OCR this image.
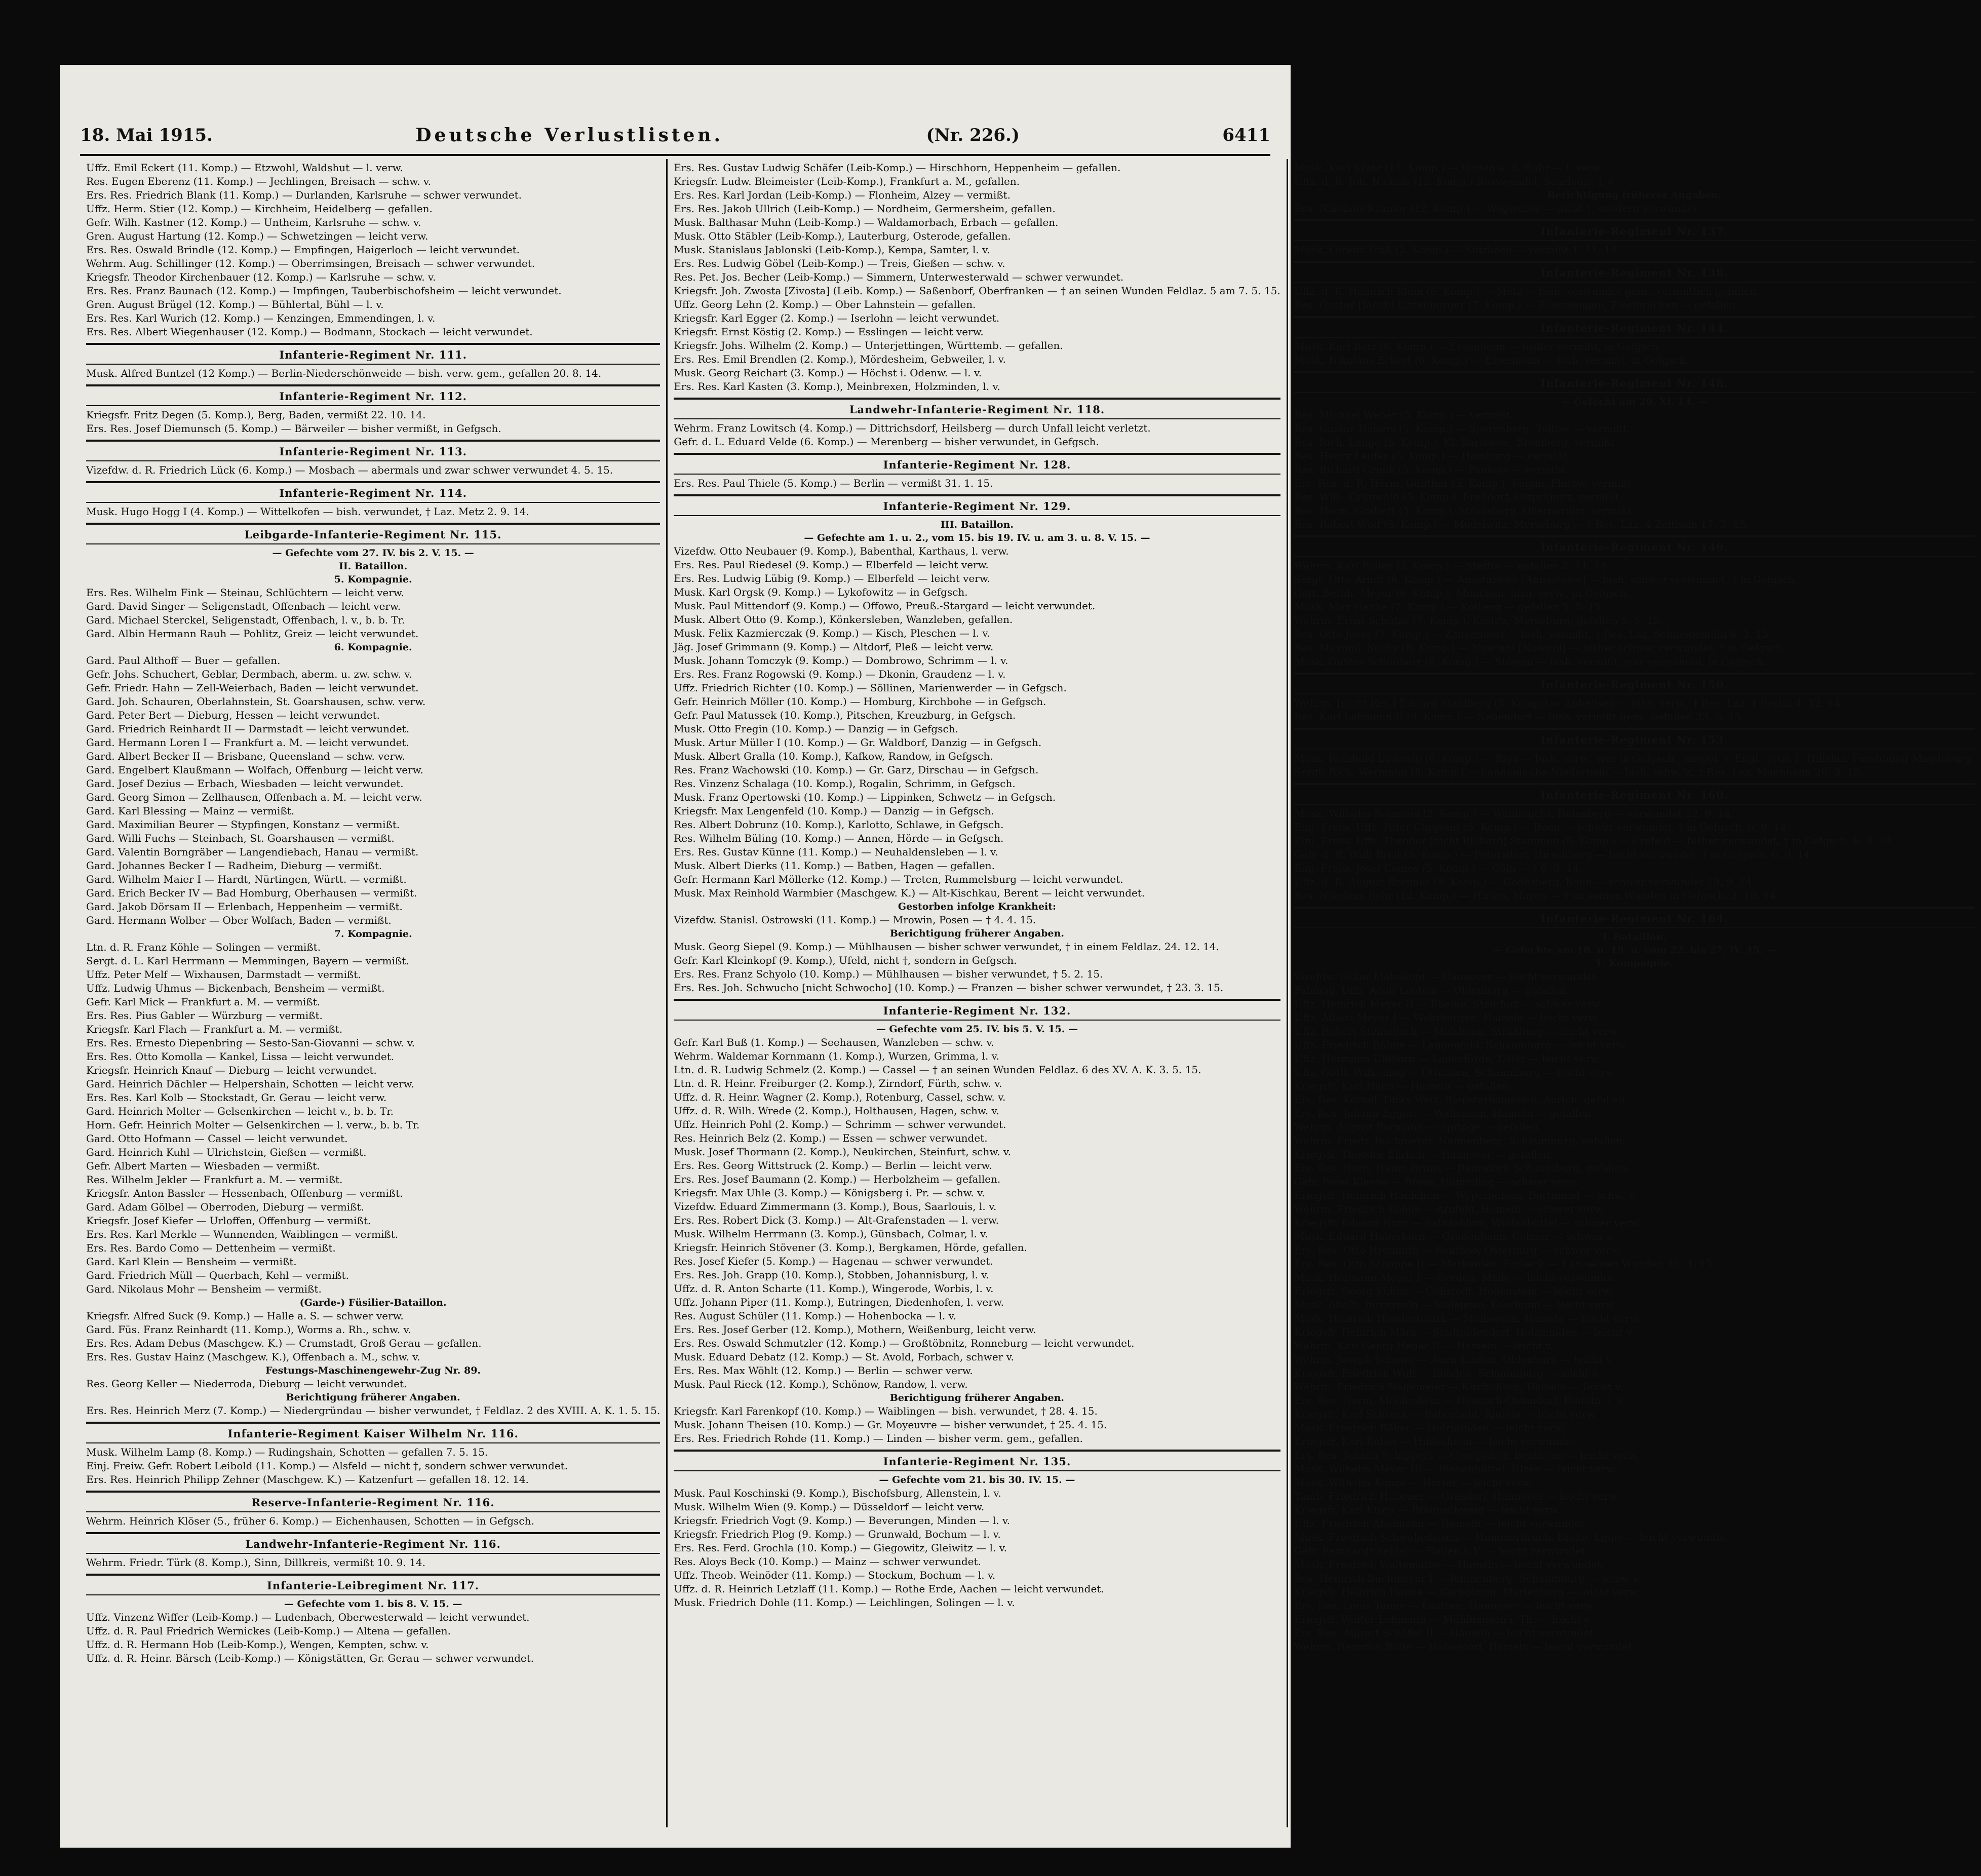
18. Mai 1915.	Deutsche Verlustlisten.	(Nr. 226.)	6411
Uffz. Emil Eckert (11. Komp.) — Etzwohl, Waldshut — l. verw.
Res. Eugen Eberenz (11. Komp.) — Jechlingen, Breisach — schw. v.
Ers. Res. Friedrich Blank (11. Komp.) — Durlanden, Karlsruhe — schwer verwundet.
Uffz. Herm. Stier (12. Komp.) — Kirchheim, Heidelberg — gefallen.
Gefr. Wilh. Kastner (12. Komp.) — Untheim, Karlsruhe — schw. v.
Gren. August Hartung (12. Komp.) — Schwetzingen — leicht verw.
Ers. Res. Oswald Brindle (12. Komp.) — Empfingen, Haigerloch — leicht verwundet.
Wehrm. Aug. Schillinger (12. Komp.) — Oberrimsingen, Breisach — schwer verwundet.
Kriegsfr. Theodor Kirchenbauer (12. Komp.) — Karlsruhe — schw. v.
Ers. Res. Franz Baunach (12. Komp.) — Impfingen, Tauberbischofsheim — leicht verwundet.
Gren. August Brügel (12. Komp.) — Bühlertal, Bühl — l. v.
Ers. Res. Karl Wurich (12. Komp.) — Kenzingen, Emmendingen, l. v.
Ers. Res. Albert Wiegenhauser (12. Komp.) — Bodmann, Stockach — leicht verwundet.
Infanterie-Regiment Nr. 111.
Musk. Alfred Buntzel (12 Komp.) — Berlin-Niederschönweide — bish. verw. gem., gefallen 20. 8. 14.
Infanterie-Regiment Nr. 112.
Kriegsfr. Fritz Degen (5. Komp.), Berg, Baden, vermißt 22. 10. 14.
Ers. Res. Josef Diemunsch (5. Komp.) — Bärweiler — bisher vermißt, in Gefgsch.
Infanterie-Regiment Nr. 113.
Vizefdw. d. R. Friedrich Lück (6. Komp.) — Mosbach — abermals und zwar schwer verwundet 4. 5. 15.
Infanterie-Regiment Nr. 114.
Musk. Hugo Hogg I (4. Komp.) — Wittelkofen — bish. verwundet, † Laz. Metz 2. 9. 14.
Leibgarde-Infanterie-Regiment Nr. 115.
— Gefechte vom 27. IV. bis 2. V. 15. —
II. Bataillon.
5. Kompagnie.
Ers. Res. Wilhelm Fink — Steinau, Schlüchtern — leicht verw.
Gard. David Singer — Seligenstadt, Offenbach — leicht verw.
Gard. Michael Sterckel, Seligenstadt, Offenbach, l. v., b. b. Tr.
Gard. Albin Hermann Rauh — Pohlitz, Greiz — leicht verwundet.
6. Kompagnie.
Gard. Paul Althoff — Buer — gefallen.
Gefr. Johs. Schuchert, Geblar, Dermbach, aberm. u. zw. schw. v.
Gefr. Friedr. Hahn — Zell-Weierbach, Baden — leicht verwundet.
Gard. Joh. Schauren, Oberlahnstein, St. Goarshausen, schw. verw.
Gard. Peter Bert — Dieburg, Hessen — leicht verwundet.
Gard. Friedrich Reinhardt II — Darmstadt — leicht verwundet.
Gard. Hermann Loren I — Frankfurt a. M. — leicht verwundet.
Gard. Albert Becker II — Brisbane, Queensland — schw. verw.
Gard. Engelbert Klaußmann — Wolfach, Offenburg — leicht verw.
Gard. Josef Dezius — Erbach, Wiesbaden — leicht verwundet.
Gard. Georg Simon — Zellhausen, Offenbach a. M. — leicht verw.
Gard. Karl Blessing — Mainz — vermißt.
Gard. Maximilian Beurer — Stypfingen, Konstanz — vermißt.
Gard. Willi Fuchs — Steinbach, St. Goarshausen — vermißt.
Gard. Valentin Borngräber — Langendiebach, Hanau — vermißt.
Gard. Johannes Becker I — Radheim, Dieburg — vermißt.
Gard. Wilhelm Maier I — Hardt, Nürtingen, Württ. — vermißt.
Gard. Erich Becker IV — Bad Homburg, Oberhausen — vermißt.
Gard. Jakob Dörsam II — Erlenbach, Heppenheim — vermißt.
Gard. Hermann Wolber — Ober Wolfach, Baden — vermißt.
7. Kompagnie.
Ltn. d. R. Franz Köhle — Solingen — vermißt.
Sergt. d. L. Karl Herrmann — Memmingen, Bayern — vermißt.
Uffz. Peter Melf — Wixhausen, Darmstadt — vermißt.
Uffz. Ludwig Uhmus — Bickenbach, Bensheim — vermißt.
Gefr. Karl Mick — Frankfurt a. M. — vermißt.
Ers. Res. Pius Gabler — Würzburg — vermißt.
Kriegsfr. Karl Flach — Frankfurt a. M. — vermißt.
Ers. Res. Ernesto Diepenbring — Sesto-San-Giovanni — schw. v.
Ers. Res. Otto Komolla — Kankel, Lissa — leicht verwundet.
Kriegsfr. Heinrich Knauf — Dieburg — leicht verwundet.
Gard. Heinrich Dächler — Helpershain, Schotten — leicht verw.
Ers. Res. Karl Kolb — Stockstadt, Gr. Gerau — leicht verw.
Gard. Heinrich Molter — Gelsenkirchen — leicht v., b. b. Tr.
Horn. Gefr. Heinrich Molter — Gelsenkirchen — l. verw., b. b. Tr.
Gard. Otto Hofmann — Cassel — leicht verwundet.
Gard. Heinrich Kuhl — Ulrichstein, Gießen — vermißt.
Gefr. Albert Marten — Wiesbaden — vermißt.
Res. Wilhelm Jekler — Frankfurt a. M. — vermißt.
Kriegsfr. Anton Bassler — Hessenbach, Offenburg — vermißt.
Gard. Adam Gölbel — Oberroden, Dieburg — vermißt.
Kriegsfr. Josef Kiefer — Urloffen, Offenburg — vermißt.
Ers. Res. Karl Merkle — Wunnenden, Waiblingen — vermißt.
Ers. Res. Bardo Como — Dettenheim — vermißt.
Gard. Karl Klein — Bensheim — vermißt.
Gard. Friedrich Müll — Querbach, Kehl — vermißt.
Gard. Nikolaus Mohr — Bensheim — vermißt.
(Garde-) Füsilier-Bataillon.
Kriegsfr. Alfred Suck (9. Komp.) — Halle a. S. — schwer verw.
Gard. Füs. Franz Reinhardt (11. Komp.), Worms a. Rh., schw. v.
Ers. Res. Adam Debus (Maschgew. K.) — Crumstadt, Groß Gerau — gefallen.
Ers. Res. Gustav Hainz (Maschgew. K.), Offenbach a. M., schw. v.
Festungs-Maschinengewehr-Zug Nr. 89.
Res. Georg Keller — Niederroda, Dieburg — leicht verwundet.
Berichtigung früherer Angaben.
Ers. Res. Heinrich Merz (7. Komp.) — Niedergründau — bisher verwundet, † Feldlaz. 2 des XVIII. A. K. 1. 5. 15.
Infanterie-Regiment Kaiser Wilhelm Nr. 116.
Musk. Wilhelm Lamp (8. Komp.) — Rudingshain, Schotten — gefallen 7. 5. 15.
Einj. Freiw. Gefr. Robert Leibold (11. Komp.) — Alsfeld — nicht †, sondern schwer verwundet.
Ers. Res. Heinrich Philipp Zehner (Maschgew. K.) — Katzenfurt — gefallen 18. 12. 14.
Reserve-Infanterie-Regiment Nr. 116.
Wehrm. Heinrich Klöser (5., früher 6. Komp.) — Eichenhausen, Schotten — in Gefgsch.
Landwehr-Infanterie-Regiment Nr. 116.
Wehrm. Friedr. Türk (8. Komp.), Sinn, Dillkreis, vermißt 10. 9. 14.
Infanterie-Leibregiment Nr. 117.
— Gefechte vom 1. bis 8. V. 15. —
Uffz. Vinzenz Wiffer (Leib-Komp.) — Ludenbach, Oberwesterwald — leicht verwundet.
Uffz. d. R. Paul Friedrich Wernickes (Leib-Komp.) — Altena — gefallen.
Uffz. d. R. Hermann Hob (Leib-Komp.), Wengen, Kempten, schw. v.
Uffz. d. R. Heinr. Bärsch (Leib-Komp.) — Königstätten, Gr. Gerau — schwer verwundet.
Ers. Res. Gustav Ludwig Schäfer (Leib-Komp.) — Hirschhorn, Heppenheim — gefallen.
Kriegsfr. Ludw. Bleimeister (Leib-Komp.), Frankfurt a. M., gefallen.
Ers. Res. Karl Jordan (Leib-Komp.) — Flonheim, Alzey — vermißt.
Ers. Res. Jakob Ullrich (Leib-Komp.) — Nordheim, Germersheim, gefallen.
Musk. Balthasar Muhn (Leib-Komp.) — Waldamorbach, Erbach — gefallen.
Musk. Otto Stäbler (Leib-Komp.), Lauterburg, Osterode, gefallen.
Musk. Stanislaus Jablonski (Leib-Komp.), Kempa, Samter, l. v.
Ers. Res. Ludwig Göbel (Leib-Komp.) — Treis, Gießen — schw. v.
Res. Pet. Jos. Becher (Leib-Komp.) — Simmern, Unterwesterwald — schwer verwundet.
Kriegsfr. Joh. Zwosta [Zivosta] (Leib. Komp.) — Saßenborf, Oberfranken — † an seinen Wunden Feldlaz. 5 am 7. 5. 15.
Uffz. Georg Lehn (2. Komp.) — Ober Lahnstein — gefallen.
Kriegsfr. Karl Egger (2. Komp.) — Iserlohn — leicht verwundet.
Kriegsfr. Ernst Köstig (2. Komp.) — Esslingen — leicht verw.
Kriegsfr. Johs. Wilhelm (2. Komp.) — Unterjettingen, Württemb. — gefallen.
Ers. Res. Emil Brendlen (2. Komp.), Mördesheim, Gebweiler, l. v.
Musk. Georg Reichart (3. Komp.) — Höchst i. Odenw. — l. v.
Ers. Res. Karl Kasten (3. Komp.), Meinbrexen, Holzminden, l. v.
Landwehr-Infanterie-Regiment Nr. 118.
Wehrm. Franz Lowitsch (4. Komp.) — Dittrichsdorf, Heilsberg — durch Unfall leicht verletzt.
Gefr. d. L. Eduard Velde (6. Komp.) — Merenberg — bisher verwundet, in Gefgsch.
Infanterie-Regiment Nr. 128.
Ers. Res. Paul Thiele (5. Komp.) — Berlin — vermißt 31. 1. 15.
Infanterie-Regiment Nr. 129.
III. Bataillon.
— Gefechte am 1. u. 2., vom 15. bis 19. IV. u. am 3. u. 8. V. 15. —
Vizefdw. Otto Neubauer (9. Komp.), Babenthal, Karthaus, l. verw.
Ers. Res. Paul Riedesel (9. Komp.) — Elberfeld — leicht verw.
Ers. Res. Ludwig Lübig (9. Komp.) — Elberfeld — leicht verw.
Musk. Karl Orgsk (9. Komp.) — Lykofowitz — in Gefgsch.
Musk. Paul Mittendorf (9. Komp.) — Offowo, Preuß.-Stargard — leicht verwundet.
Musk. Albert Otto (9. Komp.), Könkersleben, Wanzleben, gefallen.
Musk. Felix Kazmierczak (9. Komp.) — Kisch, Pleschen — l. v.
Jäg. Josef Grimmann (9. Komp.) — Altdorf, Pleß — leicht verw.
Musk. Johann Tomczyk (9. Komp.) — Dombrowo, Schrimm — l. v.
Ers. Res. Franz Rogowski (9. Komp.) — Dkonin, Graudenz — l. v.
Uffz. Friedrich Richter (10. Komp.) — Söllinen, Marienwerder — in Gefgsch.
Gefr. Heinrich Möller (10. Komp.) — Homburg, Kirchbohe — in Gefgsch.
Gefr. Paul Matussek (10. Komp.), Pitschen, Kreuzburg, in Gefgsch.
Musk. Otto Fregin (10. Komp.) — Danzig — in Gefgsch.
Musk. Artur Müller I (10. Komp.) — Gr. Waldborf, Danzig — in Gefgsch.
Musk. Albert Gralla (10. Komp.), Kafkow, Randow, in Gefgsch.
Res. Franz Wachowski (10. Komp.) — Gr. Garz, Dirschau — in Gefgsch.
Res. Vinzenz Schalaga (10. Komp.), Rogalin, Schrimm, in Gefgsch.
Musk. Franz Opertowski (10. Komp.) — Lippinken, Schwetz — in Gefgsch.
Kriegsfr. Max Lengenfeld (10. Komp.) — Danzig — in Gefgsch.
Res. Albert Dobrunz (10. Komp.), Karlotto, Schlawe, in Gefgsch.
Res. Wilhelm Büling (10. Komp.) — Annen, Hörde — in Gefgsch.
Ers. Res. Gustav Künne (11. Komp.) — Neuhaldensleben — l. v.
Musk. Albert Dierks (11. Komp.) — Batben, Hagen — gefallen.
Gefr. Hermann Karl Möllerke (12. Komp.) — Treten, Rummelsburg — leicht verwundet.
Musk. Max Reinhold Warmbier (Maschgew. K.) — Alt-Kischkau, Berent — leicht verwundet.
Gestorben infolge Krankheit:
Vizefdw. Stanisl. Ostrowski (11. Komp.) — Mrowin, Posen — † 4. 4. 15.
Berichtigung früherer Angaben.
Musk. Georg Siepel (9. Komp.) — Mühlhausen — bisher schwer verwundet, † in einem Feldlaz. 24. 12. 14.
Gefr. Karl Kleinkopf (9. Komp.), Ufeld, nicht †, sondern in Gefgsch.
Ers. Res. Franz Schyolo (10. Komp.) — Mühlhausen — bisher verwundet, † 5. 2. 15.
Ers. Res. Joh. Schwucho [nicht Schwocho] (10. Komp.) — Franzen — bisher schwer verwundet, † 23. 3. 15.
Infanterie-Regiment Nr. 132.
— Gefechte vom 25. IV. bis 5. V. 15. —
Gefr. Karl Buß (1. Komp.) — Seehausen, Wanzleben — schw. v.
Wehrm. Waldemar Kornmann (1. Komp.), Wurzen, Grimma, l. v.
Ltn. d. R. Ludwig Schmelz (2. Komp.) — Cassel — † an seinen Wunden Feldlaz. 6 des XV. A. K. 3. 5. 15.
Ltn. d. R. Heinr. Freiburger (2. Komp.), Zirndorf, Fürth, schw. v.
Uffz. d. R. Heinr. Wagner (2. Komp.), Rotenburg, Cassel, schw. v.
Uffz. d. R. Wilh. Wrede (2. Komp.), Holthausen, Hagen, schw. v.
Uffz. Heinrich Pohl (2. Komp.) — Schrimm — schwer verwundet.
Res. Heinrich Belz (2. Komp.) — Essen — schwer verwundet.
Musk. Josef Thormann (2. Komp.), Neukirchen, Steinfurt, schw. v.
Ers. Res. Georg Wittstruck (2. Komp.) — Berlin — leicht verw.
Ers. Res. Josef Baumann (2. Komp.) — Herbolzheim — gefallen.
Kriegsfr. Max Uhle (3. Komp.) — Königsberg i. Pr. — schw. v.
Vizefdw. Eduard Zimmermann (3. Komp.), Bous, Saarlouis, l. v.
Ers. Res. Robert Dick (3. Komp.) — Alt-Grafenstaden — l. verw.
Musk. Wilhelm Herrmann (3. Komp.), Günsbach, Colmar, l. v.
Kriegsfr. Heinrich Stövener (3. Komp.), Bergkamen, Hörde, gefallen.
Res. Josef Kiefer (5. Komp.) — Hagenau — schwer verwundet.
Ers. Res. Joh. Grapp (10. Komp.), Stobben, Johannisburg, l. v.
Uffz. d. R. Anton Scharte (11. Komp.), Wingerode, Worbis, l. v.
Uffz. Johann Piper (11. Komp.), Eutringen, Diedenhofen, l. verw.
Res. August Schüler (11. Komp.) — Hohenbocka — l. v.
Ers. Res. Josef Gerber (12. Komp.), Mothern, Weißenburg, leicht verw.
Ers. Res. Oswald Schmutzler (12. Komp.) — Großtöbnitz, Ronneburg — leicht verwundet.
Musk. Eduard Debatz (12. Komp.) — St. Avold, Forbach, schwer v.
Ers. Res. Max Wöhlt (12. Komp.) — Berlin — schwer verw.
Musk. Paul Rieck (12. Komp.), Schönow, Randow, l. verw.
Berichtigung früherer Angaben.
Kriegsfr. Karl Farenkopf (10. Komp.) — Waiblingen — bish. verwundet, † 28. 4. 15.
Musk. Johann Theisen (10. Komp.) — Gr. Moyeuvre — bisher verwundet, † 25. 4. 15.
Ers. Res. Friedrich Rohde (11. Komp.) — Linden — bisher verm. gem., gefallen.
Infanterie-Regiment Nr. 135.
— Gefechte vom 21. bis 30. IV. 15. —
Musk. Paul Koschinski (9. Komp.), Bischofsburg, Allenstein, l. v.
Musk. Wilhelm Wien (9. Komp.) — Düsseldorf — leicht verw.
Kriegsfr. Friedrich Vogt (9. Komp.) — Beverungen, Minden — l. v.
Kriegsfr. Friedrich Plog (9. Komp.) — Grunwald, Bochum — l. v.
Ers. Res. Ferd. Grochla (10. Komp.) — Giegowitz, Gleiwitz — l. v.
Res. Aloys Beck (10. Komp.) — Mainz — schwer verwundet.
Uffz. Theob. Weinöder (11. Komp.) — Stockum, Bochum — l. v.
Uffz. d. R. Heinrich Letzlaff (11. Komp.) — Rothe Erde, Aachen — leicht verwundet.
Musk. Friedrich Dohle (11. Komp.) — Leichlingen, Solingen — l. v.
Musk. Karl Kratz (11. Komp.) — Witten a. d. Ruhr — l. verw.
Uffz. d. R. Joh. Nickels (12. Komp.) Rosswendel, Saarlouis, l. v.
Berichtigung früherer Angaben.
Res. Nikolaus Krämer (12. Komp.) — Wagweiler — nicht †, sondern verwundet.
Infanterie-Regiment Nr. 137.
Musk. Lorenz Tröß (2. Komp.) — Sulzbach — vermißt 1. 11. 14.
Infanterie-Regiment Nr. 138.
Uffz. d. R. Heinrich Klein (6. Komp.) — Metz — bish. verwundet gem., vermutlich gefallen.
Res. Gustav [Jacob] Litzenburger (7. Komp.) — Bliesmengen, Zweibrücken — gefallen.
Infanterie-Regiment Nr. 144.
Musk. Karl Betz (6. Komp.) — Essenheim — bisher vermißt, in Gefgsch.
Musk. Nikolaus Eckert (6. Komp.) — Essenheim — bish. vermißt, in Gefgsch.
Infanterie-Regiment Nr. 148.
— Gefecht am 29. XI. 14. —
Res. Michael Weber (5. Komp.) — vermißt.
Res. Gustav Höners (5. Komp.) — Sperenberg, Teltow — vermißt.
Res. Rich. Lange (5. Komp.), Kl. Bartelsee, Bromberg, vermißt.
Res. Henry Leufer (5. Komp.) — Hamburg — vermißt.
Res. Richard Grunk (5. Komp.) — Pankow — vermißt.
Ers. Res. d. R. Herm. Günther (5. Komp.), Kölpin, Flatow, vermißt.
Res. Wilh. Grünwald (5. Komp.), Freßdorf, Ostprignitz, vermißt.
Res. Herm. Grabert (5. Komp.), Strausberg, Oberbarnim, vermißt.
Res. Robert Wolf (5. Komp.) — Modelwitz, Merseburg — † Res. Laz. 4 Zeithain 17. 3. 15.
Infanterie-Regiment Nr. 149.
Wehrm. Karl Polley (3. Komp.) — Stettin — gefallen 2. 11. 14.
Sergt. Otto Arndt (6. Komp.) — Anastazewo [Annastewo] — bish. schwer verwundet, † in Gefgsch.
Gefr. Bernh. Meyer (6. Komp.), München, bish. verw., in Gefgsch.
Musk. Max Henke (7. Komp.) — Kolberg — gefallen 5. 5. 15.
Wehrm. Ernst Schütze (7. Komp.), Köslitz, Merseburg, gefallen 5. 5. 15.
Res. Otto Jesse (7. Komp.) — Zaukendorf — bish. vermißt, † Res. Laz. Schneidemühl 6. 3. 15.
Res. Maximil. Suchy (8. Komp.) — Nowinni [Nowuni] — bisher schwer verwundet, † in Gefgsch.
Musk. Gustav Schönherr (8. Komp.) — Stöwen — bish. vermißt, war verwundet, in Gefgsch.
Infanterie-Regiment Nr. 150.
Wehrm. [nicht Res.] Eduard Stahlberg (5. Komp.) — Abbelisen — bish. verw., † Res. Laz. 1 Berlin 4. 12. 14.
Res. Karl Lehmann II (9. Komp.) — Neuendorf — bish. vermißt gem., gefallen 23. 3. 15.
Infanterie-Regiment Nr. 153.
Musk. Reinhold Ludewig (6. Komp.) — Riga — bish. verw., war in Gefgsch., ausgel. v. Engl., jetzt 1. Hilfslaz. Fürstenhof Magdeburg.
Sergt. Rich. Wermann (8. Komp.) — Langenlauba-Niederhain — bish. schw. v., † Res. Laz. Mannheim 20. 3. 15.
Infanterie-Regiment Nr. 160.
Musk. Wilhelm Beumers (2. Komp.) — Waldfeucht, Heinsberg — verwundet 22. 9. 14.
Einj. Freiw. Uffz. Peter Chrysant (5. Komp.) — Bonn — schwer verwundet, † in Gefgsch. 6. 9. 14.
Einj. Freiw. Uffz. Theodor [nicht Richard] Stammen (5. Komp.) — Crefeld — bisher verwundet, † in Gefgsch. 6. 9. 14.
Gefr. d. R. Willi Breit (5. Komp.) — Petersdorf, Hirschberg — leicht verwundet, † in Gefgsch. 6. 9. 14.
Einj. Freiw. Josef Comes (5. Komp.) — Cöln — † 6. 9. 14.
Uffz. d. R. August Brenner (8. Komp.) — Godesberg, Bonn — schwer verwundet 19. 9. 14.
Res. Nikolaus Bohr (12. Komp.) — Hirten, Mayen — † an seinen Wunden in Gefgsch. 2. 10. 14.
Infanterie-Regiment Nr. 164.
I. Bataillon.
— Gefechte am 18. u. 19. u. vom 22. bis 27. IV. 15. —
1. Kompagnie.
Vizefdw. Oskar Mahnkopf — Hannover — leicht verwundet.
Fahnenj. Uffz. Adolf Loeben — Oldenburg — gefallen.
Uffz. Heinrich Meyer II — Rheine, Steinfurt — schwer verw.
Uffz. Albert Meyer I — Wehrbergen, Hameln — leicht verw.
Uffz. Robert Steinebach — Molsheim, Straßburg — leicht verw.
Uffz. Friedrich Böhne — Langenfeld, Schaumburg — leicht verw.
Uffz. Hermann Uhlhorn — Lauenförde, Uslar — leicht verw.
Uffz. Gottl. Wilkening — Ottensen, Schaumburg — leicht verw.
Kriegsfr. Karl Hahn — Hameln — gefallen.
Ers. Res. Kornel. Dirks Weiz, Riepsterhamerich, Aurich, gefallen.
Ers. Res. Johann Eggert — Wallensen, Hameln — gefallen.
Wehrm. August Bormann — Springe — gefallen.
Wehrm. Friedr. Buchmeyer, Nannenberg, Schaumburg, gefallen.
Kriegsfr. Theodor Ehrlich — Hannover — gefallen.
Ers. Res. Horn. Heinr. Bruns — Reinsdorf, Schaumburg, gefallen.
Gefr. Peter Kleene — Brees, Hümmling — schwer verw.
Kriegsfr. Heinrich Haulchen — Weperbelsen, Dortmund — schw. v.
Wehrm. Friedrich Kobus — Arnfeld, Hameln — schwer verw.
Kriegsfr. Eduard Horn — Salzdahlum, Wolfenbüttel — schwer verw.
Musk. Eduard Haberkorn — Großenheim, Colmar — schwer v.
Ers. Res. Otto Hreimuth — Reuthoo, Osterburg — schwer verw.
Ers. Res. Otto Schoppe II — Markenien, Einbeck — † an seinen Wunden 26. 4. 15.
Musk. Hermann Meyer I — Gerden, Melle — leicht verwundet.
Kriegsfr. Georg Kühne — Gollstedt, Hohenstein — leicht verw.
Musk. Abalb. Jurczynski — Sielejewo, Koschmin — leicht verw.
Musk. Heinrich Hundertmark — Meiborsen, Hameln — leicht verw.
Kriegsfr. Heinrich März — Stadtoldendorf, Holzminden — leicht v.
Wehrm. Karl Georg Heuer II — Hameln — leicht v.
Wehrm. Joseph Schewe — Auen-Linden, Oldenburg — leicht v.
Kriegsfr. Friedrich Wulf — Rohden, Schaumburg — leicht v.
Wehrm. Friedrich Hagemeier — Kirchohsen, Hameln — leicht v.
Ers. Res. Herm. Möhlenbein — Hessisch-Oldendorf, Rinteln, l. v.
Kriegsfr. Karl Schreck — Baberhold, Rinteln — leicht verw.
Musk. Friedrich Räker — Holzminden — leicht verw.
Kriegsfr. Karl Röber — Hildesheim — leicht verwundet.
Ers. Res. Johann Schippers — Georgsdorf, Bentheim — leicht verw.
Musk. Wilhelm Meyer III — Bienenbüttel, Ulzen — leicht verw.
Musk. Wilhelm Kunze — Hörter — leicht verw.
Tamb. Friedrich Hübener — Grasdorf, Hannover — leicht verw.
Kriegsfr. Karl Kisga — Braunschweig — leicht verw.
Uffz. Friedrich Abelmann — Hameln — leicht verwundet.
Musk. Friedrich Schwabedissen — Hummerbruch, Brake, Lippe — leicht verwundet.
Gefr. Reinhardt Seidel — Plauen i. V. — leicht verwundet.
Musk. Friedrich Waltemathe — Hameln — leicht verwundet.
Res. Heinrich Buchmeyer I — Rannenberg, Schaumburg — schw. v.
Kriegsfr. Heinrich Hanne — Garbolzum, Marienburg — leicht verw.
Ers. Res. Louis Tanne — Laatzen, Hannover — leicht verw.
Kriegsfr. Walter Lehmann — Mühlhausen i. Th. — leicht v.
Ers. Res. August Schäfer II — Hameln — leicht verwundet.
Wehrm. Heinrich Bolte — Halvestorf, Hameln — leicht verwundet.
